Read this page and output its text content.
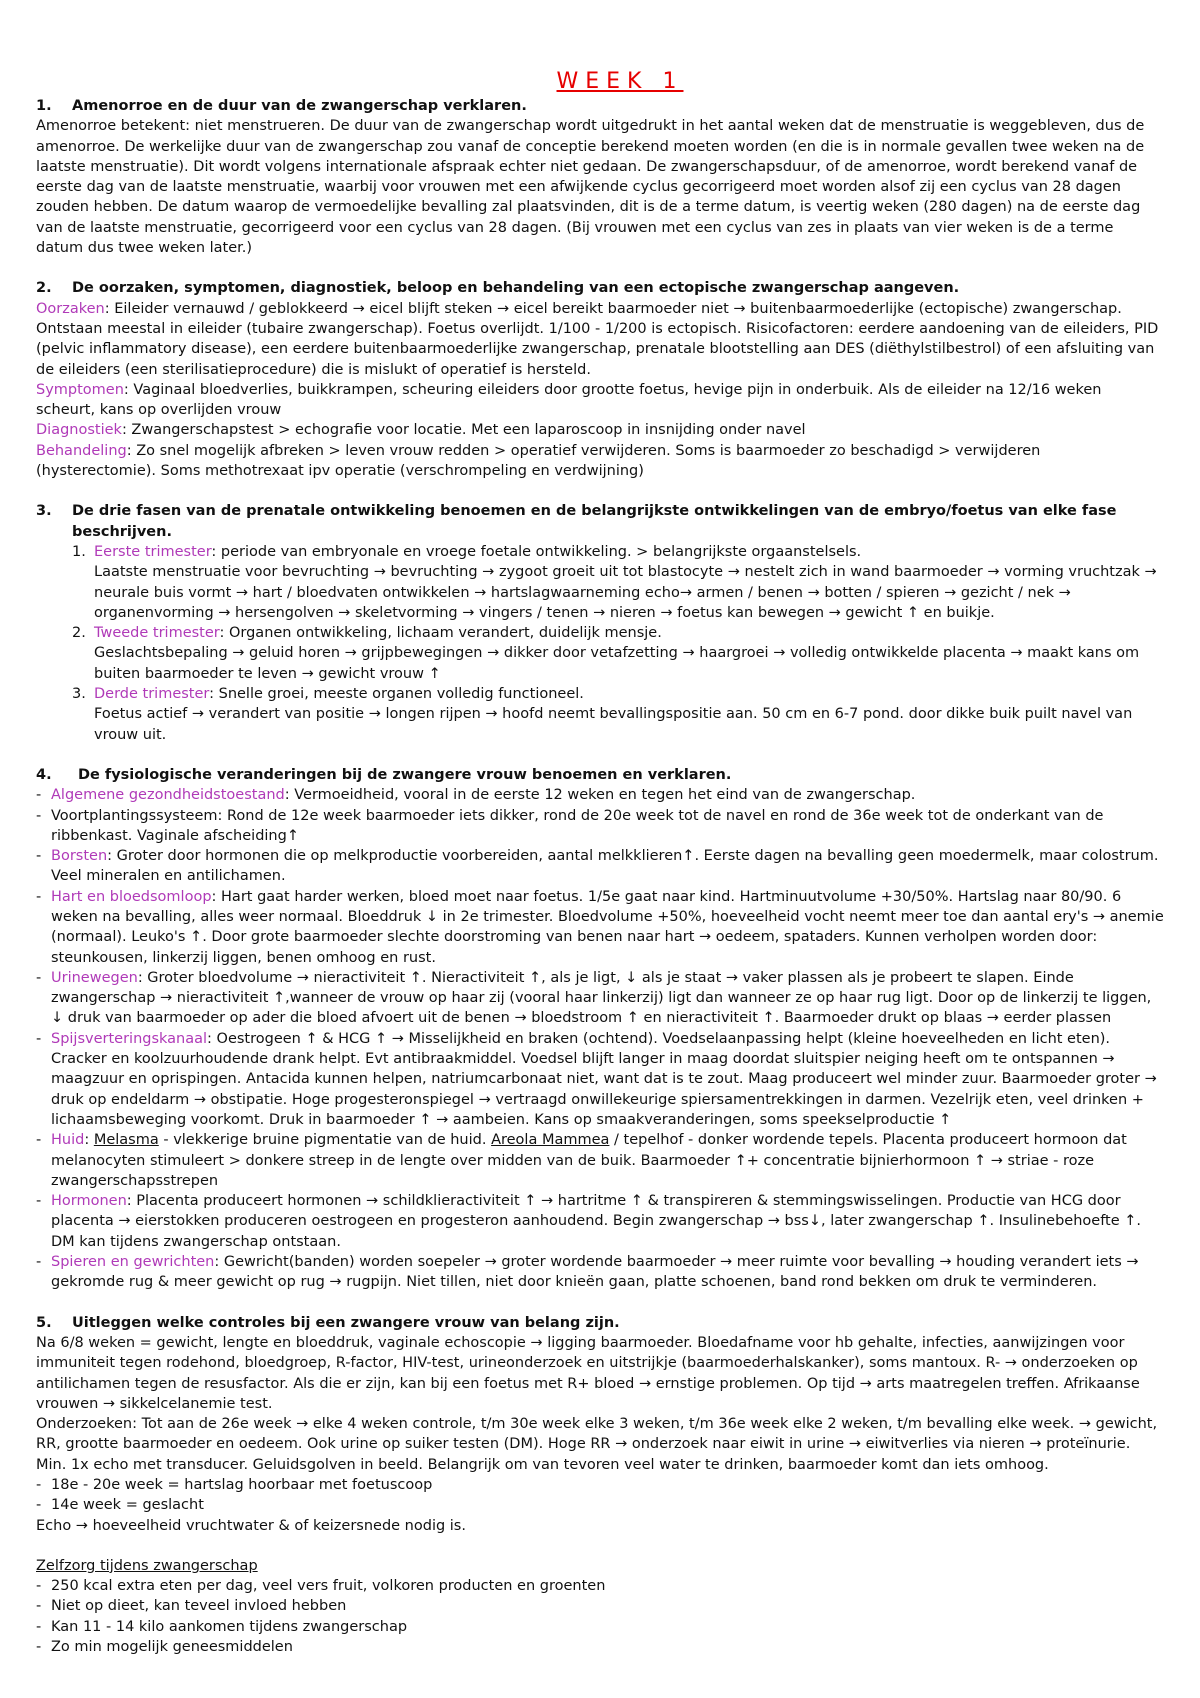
WEEK 1
1. Amenorroe en de duur van de zwangerschap verklaren.

Amenorroe betekent: niet menstrueren. De duur van de zwangerschap wordt uitgedrukt in het aantal weken dat de menstruatie is weggebleven, dus de amenorroe. De werkelijke duur van de zwangerschap zou vanaf de conceptie berekend moeten worden (en die is in normale gevallen twee weken na de laatste menstruatie). Dit wordt volgens internationale afspraak echter niet gedaan. De zwangerschapsduur, of de amenorroe, wordt berekend vanaf de eerste dag van de laatste menstruatie, waarbij voor vrouwen met een afwijkende cyclus gecorrigeerd moet worden alsof zij een cyclus van 28 dagen zouden hebben. De datum waarop de vermoedelijke bevalling zal plaatsvinden, dit is de a terme datum, is veertig weken (280 dagen) na de eerste dag van de laatste menstruatie, gecorrigeerd voor een cyclus van 28 dagen. (Bij vrouwen met een cyclus van zes in plaats van vier weken is de a terme datum dus twee weken later.)

2. De oorzaken, symptomen, diagnostiek, beloop en behandeling van een ectopische zwangerschap aangeven.

Oorzaken: Eileider vernauwd / geblokkeerd → eicel blijft steken → eicel bereikt baarmoeder niet → buitenbaarmoederlijke (ectopische) zwangerschap. Ontstaan meestal in eileider (tubaire zwangerschap). Foetus overlijdt. 1/100 - 1/200 is ectopisch. Risicofactoren: eerdere aandoening van de eileiders, PID (pelvic inflammatory disease), een eerdere buitenbaarmoederlijke zwangerschap, prenatale blootstelling aan DES (diëthylstilbestrol) of een afsluiting van de eileiders (een sterilisatieprocedure) die is mislukt of operatief is hersteld.

Symptomen: Vaginaal bloedverlies, buikkrampen, scheuring eileiders door grootte foetus, hevige pijn in onderbuik. Als de eileider na 12/16 weken scheurt, kans op overlijden vrouw

Diagnostiek: Zwangerschapstest > echografie voor locatie. Met een laparoscoop in insnijding onder navel

Behandeling: Zo snel mogelijk afbreken > leven vrouw redden > operatief verwijderen. Soms is baarmoeder zo beschadigd > verwijderen (hysterectomie). Soms methotrexaat ipv operatie (verschrompeling en verdwijning)

3. De drie fasen van de prenatale ontwikkeling benoemen en de belangrijkste ontwikkelingen van de embryo/foetus van elke fase beschrijven.
1. Eerste trimester: periode van embryonale en vroege foetale ontwikkeling. > belangrijkste orgaanstelsels.
Laatste menstruatie voor bevruchting → bevruchting → zygoot groeit uit tot blastocyte → nestelt zich in wand baarmoeder → vorming vruchtzak → neurale buis vormt → hart / bloedvaten ontwikkelen → hartslagwaarneming echo→ armen / benen → botten / spieren → gezicht / nek → organenvorming → hersengolven → skeletvorming → vingers / tenen → nieren → foetus kan bewegen → gewicht ↑ en buikje.
2. Tweede trimester: Organen ontwikkeling, lichaam verandert, duidelijk mensje.
Geslachtsbepaling → geluid horen → grijpbewegingen → dikker door vetafzetting → haargroei → volledig ontwikkelde placenta → maakt kans om buiten baarmoeder te leven → gewicht vrouw ↑
3. Derde trimester: Snelle groei, meeste organen volledig functioneel.
Foetus actief → verandert van positie → longen rijpen → hoofd neemt bevallingspositie aan. 50 cm en 6-7 pond. door dikke buik puilt navel van vrouw uit.
4. De fysiologische veranderingen bij de zwangere vrouw benoemen en verklaren.
- Algemene gezondheidstoestand: Vermoeidheid, vooral in de eerste 12 weken en tegen het eind van de zwangerschap.
- Voortplantingssysteem: Rond de 12e week baarmoeder iets dikker, rond de 20e week tot de navel en rond de 36e week tot de onderkant van de ribbenkast. Vaginale afscheiding↑
- Borsten: Groter door hormonen die op melkproductie voorbereiden, aantal melkklieren↑. Eerste dagen na bevalling geen moedermelk, maar colostrum. Veel mineralen en antilichamen.
- Hart en bloedsomloop: Hart gaat harder werken, bloed moet naar foetus. 1/5e gaat naar kind. Hartminuutvolume +30/50%. Hartslag naar 80/90. 6 weken na bevalling, alles weer normaal. Bloeddruk ↓ in 2e trimester. Bloedvolume +50%, hoeveelheid vocht neemt meer toe dan aantal ery's → anemie (normaal). Leuko's ↑. Door grote baarmoeder slechte doorstroming van benen naar hart → oedeem, spataders. Kunnen verholpen worden door: steunkousen, linkerzij liggen, benen omhoog en rust.
- Urinewegen: Groter bloedvolume → nieractiviteit ↑. Nieractiviteit ↑, als je ligt, ↓ als je staat → vaker plassen als je probeert te slapen. Einde zwangerschap → nieractiviteit ↑,wanneer de vrouw op haar zij (vooral haar linkerzij) ligt dan wanneer ze op haar rug ligt. Door op de linkerzij te liggen, ↓ druk van baarmoeder op ader die bloed afvoert uit de benen → bloedstroom ↑ en nieractiviteit ↑. Baarmoeder drukt op blaas → eerder plassen
- Spijsverteringskanaal: Oestrogeen ↑ & HCG ↑ → Misselijkheid en braken (ochtend). Voedselaanpassing helpt (kleine hoeveelheden en licht eten). Cracker en koolzuurhoudende drank helpt. Evt antibraakmiddel. Voedsel blijft langer in maag doordat sluitspier neiging heeft om te ontspannen → maagzuur en oprispingen. Antacida kunnen helpen, natriumcarbonaat niet, want dat is te zout. Maag produceert wel minder zuur. Baarmoeder groter → druk op endeldarm → obstipatie. Hoge progesteronspiegel → vertraagd onwillekeurige spiersamentrekkingen in darmen. Vezelrijk eten, veel drinken + lichaamsbeweging voorkomt. Druk in baarmoeder ↑ → aambeien. Kans op smaakveranderingen, soms speekselproductie ↑
- Huid: Melasma - vlekkerige bruine pigmentatie van de huid. Areola Mammea / tepelhof - donker wordende tepels. Placenta produceert hormoon dat melanocyten stimuleert > donkere streep in de lengte over midden van de buik. Baarmoeder ↑+ concentratie bijnierhormoon ↑ → striae - roze zwangerschapsstrepen
- Hormonen: Placenta produceert hormonen → schildklieractiviteit ↑ → hartritme ↑ & transpireren & stemmingswisselingen. Productie van HCG door placenta → eierstokken produceren oestrogeen en progesteron aanhoudend. Begin zwangerschap → bss↓, later zwangerschap ↑. Insulinebehoefte ↑. DM kan tijdens zwangerschap ontstaan.
- Spieren en gewrichten: Gewricht(banden) worden soepeler → groter wordende baarmoeder → meer ruimte voor bevalling → houding verandert iets → gekromde rug & meer gewicht op rug → rugpijn. Niet tillen, niet door knieën gaan, platte schoenen, band rond bekken om druk te verminderen.
5. Uitleggen welke controles bij een zwangere vrouw van belang zijn.

Na 6/8 weken = gewicht, lengte en bloeddruk, vaginale echoscopie → ligging baarmoeder. Bloedafname voor hb gehalte, infecties, aanwijzingen voor immuniteit tegen rodehond, bloedgroep, R-factor, HIV-test, urineonderzoek en uitstrijkje (baarmoederhalskanker), soms mantoux. R- → onderzoeken op antilichamen tegen de resusfactor. Als die er zijn, kan bij een foetus met R+ bloed → ernstige problemen. Op tijd → arts maatregelen treffen. Afrikaanse vrouwen → sikkelcelanemie test.

Onderzoeken: Tot aan de 26e week → elke 4 weken controle, t/m 30e week elke 3 weken, t/m 36e week elke 2 weken, t/m bevalling elke week. → gewicht, RR, grootte baarmoeder en oedeem. Ook urine op suiker testen (DM). Hoge RR → onderzoek naar eiwit in urine → eiwitverlies via nieren → proteïnurie. Min. 1x echo met transducer. Geluidsgolven in beeld. Belangrijk om van tevoren veel water te drinken, baarmoeder komt dan iets omhoog.

- 18e - 20e week = hartslag hoorbaar met foetuscoop
- 14e week = geslacht

Echo → hoeveelheid vruchtwater & of keizersnede nodig is.

Zelfzorg tijdens zwangerschap

- 250 kcal extra eten per dag, veel vers fruit, volkoren producten en groenten
- Niet op dieet, kan teveel invloed hebben
- Kan 11 - 14 kilo aankomen tijdens zwangerschap
- Zo min mogelijk geneesmiddelen
